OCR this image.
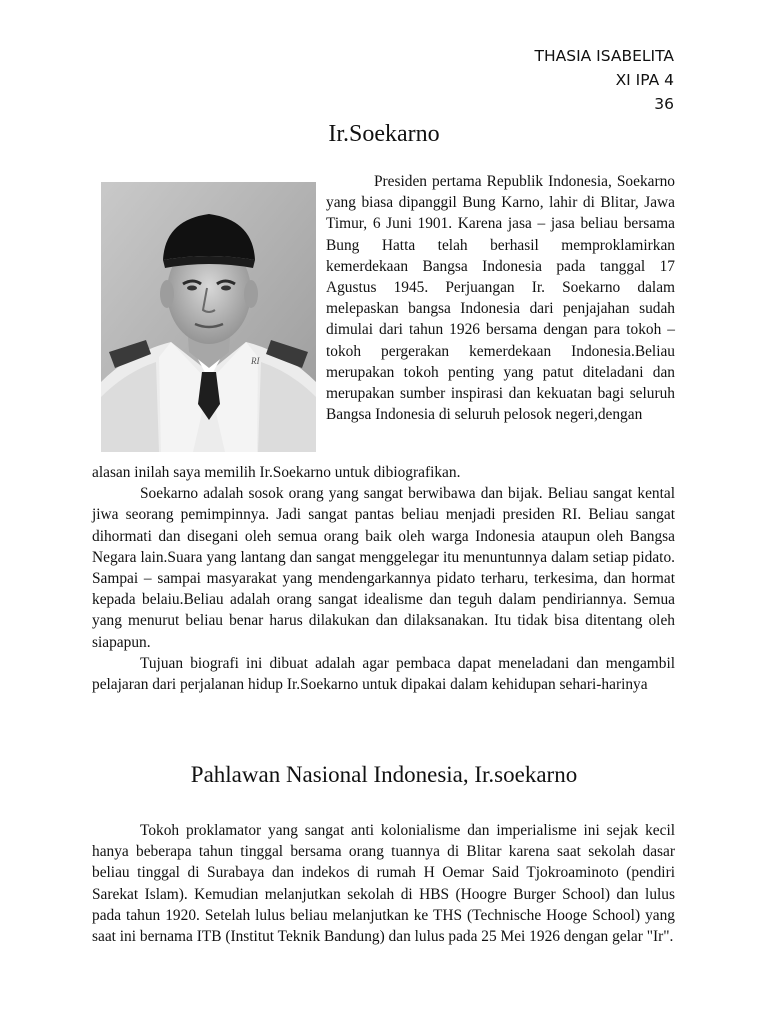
THASIA ISABELITA
XI IPA 4
36
Ir.Soekarno
RI

Presiden pertama Republik Indonesia, Soekarno yang biasa dipanggil Bung Karno, lahir di Blitar, Jawa Timur, 6 Juni 1901. Karena jasa – jasa beliau bersama Bung Hatta telah berhasil memproklamirkan kemerdekaan Bangsa Indonesia pada tanggal 17 Agustus 1945. Perjuangan Ir. Soekarno dalam melepaskan bangsa Indonesia dari penjajahan sudah dimulai dari tahun 1926 bersama dengan para tokoh – tokoh pergerakan kemerdekaan Indonesia.Beliau merupakan tokoh penting yang patut diteladani dan merupakan sumber inspirasi dan kekuatan bagi seluruh Bangsa Indonesia di seluruh pelosok negeri,dengan

alasan inilah saya memilih Ir.Soekarno untuk dibiografikan.

Soekarno adalah sosok orang yang sangat berwibawa dan bijak. Beliau sangat kental jiwa seorang pemimpinnya. Jadi sangat pantas beliau menjadi presiden RI. Beliau sangat dihormati dan disegani oleh semua orang baik oleh warga Indonesia ataupun oleh Bangsa Negara lain.Suara yang lantang dan sangat menggelegar itu menuntunnya dalam setiap pidato. Sampai – sampai masyarakat yang mendengarkannya pidato terharu, terkesima, dan hormat kepada belaiu.Beliau adalah orang sangat idealisme dan teguh dalam pendiriannya. Semua yang menurut beliau benar harus dilakukan dan dilaksanakan. Itu tidak bisa ditentang oleh siapapun.

Tujuan biografi ini dibuat adalah agar pembaca dapat meneladani dan mengambil pelajaran dari perjalanan hidup Ir.Soekarno untuk dipakai dalam kehidupan sehari-harinya

Pahlawan Nasional Indonesia, Ir.soekarno

Tokoh proklamator yang sangat anti kolonialisme dan imperialisme ini sejak kecil hanya beberapa tahun tinggal bersama orang tuannya di Blitar karena saat sekolah dasar beliau tinggal di Surabaya dan indekos di rumah H Oemar Said Tjokroaminoto (pendiri Sarekat Islam). Kemudian melanjutkan sekolah di HBS (Hoogre Burger School) dan lulus pada tahun 1920. Setelah lulus beliau melanjutkan ke THS (Technische Hooge School) yang saat ini bernama ITB (Institut Teknik Bandung) dan lulus pada 25 Mei 1926 dengan gelar "Ir".
